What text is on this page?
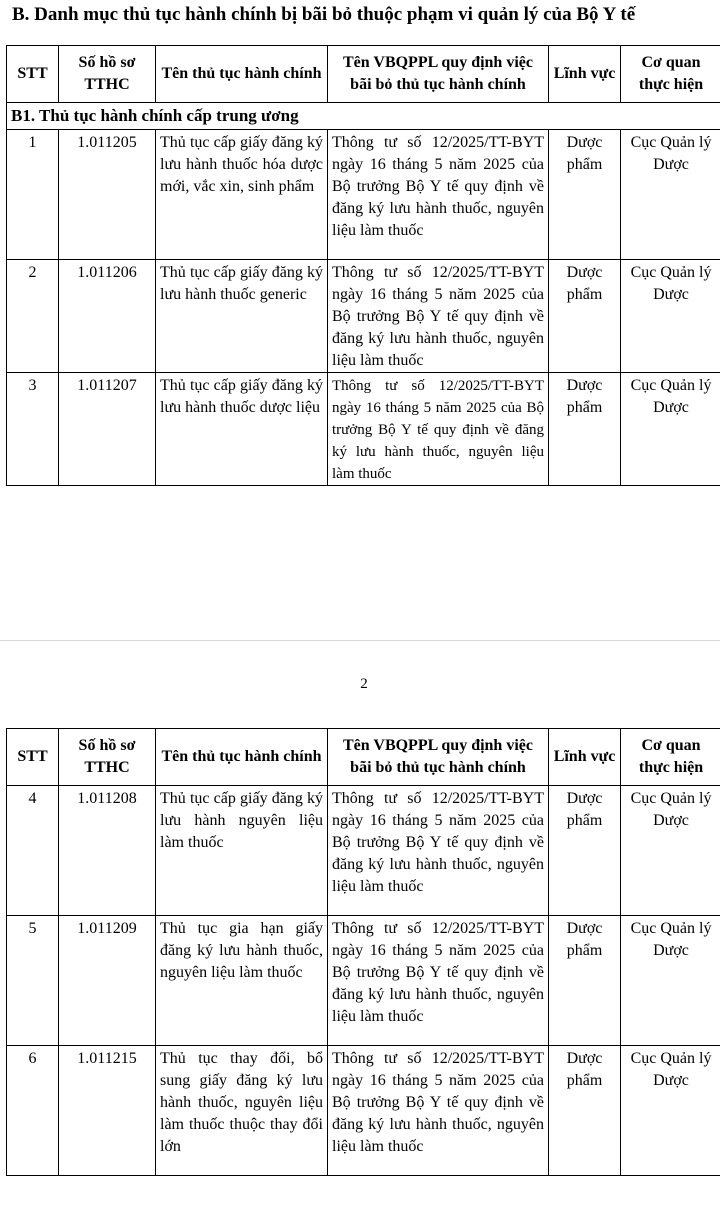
B. Danh mục thủ tục hành chính bị bãi bỏ thuộc phạm vi quản lý của Bộ Y tế
STT	Số hồ sơ TTHC	Tên thủ tục hành chính	Tên VBQPPL quy định việc bãi bỏ thủ tục hành chính	Lĩnh vực	Cơ quan thực hiện
B1. Thủ tục hành chính cấp trung ương					
1	1.011205	Thủ tục cấp giấy đăng ký lưu hành thuốc hóa dược mới, vắc xin, sinh phẩm	Thông tư số 12/2025/TT-BYT ngày 16 tháng 5 năm 2025 của Bộ trưởng Bộ Y tế quy định về đăng ký lưu hành thuốc, nguyên liệu làm thuốc	Dược phẩm	Cục Quản lý Dược
2	1.011206	Thủ tục cấp giấy đăng ký lưu hành thuốc generic	Thông tư số 12/2025/TT-BYT ngày 16 tháng 5 năm 2025 của Bộ trưởng Bộ Y tế quy định về đăng ký lưu hành thuốc, nguyên liệu làm thuốc	Dược phẩm	Cục Quản lý Dược
3	1.011207	Thủ tục cấp giấy đăng ký lưu hành thuốc dược liệu	Thông tư số 12/2025/TT-BYT ngày 16 tháng 5 năm 2025 của Bộ trưởng Bộ Y tế quy định về đăng ký lưu hành thuốc, nguyên liệu làm thuốc	Dược phẩm	Cục Quản lý Dược
2
STT	Số hồ sơ TTHC	Tên thủ tục hành chính	Tên VBQPPL quy định việc bãi bỏ thủ tục hành chính	Lĩnh vực	Cơ quan thực hiện
4	1.011208	Thủ tục cấp giấy đăng ký lưu hành nguyên liệu làm thuốc	Thông tư số 12/2025/TT-BYT ngày 16 tháng 5 năm 2025 của Bộ trưởng Bộ Y tế quy định về đăng ký lưu hành thuốc, nguyên liệu làm thuốc	Dược phẩm	Cục Quản lý Dược
5	1.011209	Thủ tục gia hạn giấy đăng ký lưu hành thuốc, nguyên liệu làm thuốc	Thông tư số 12/2025/TT-BYT ngày 16 tháng 5 năm 2025 của Bộ trưởng Bộ Y tế quy định về đăng ký lưu hành thuốc, nguyên liệu làm thuốc	Dược phẩm	Cục Quản lý Dược
6	1.011215	Thủ tục thay đổi, bổ sung giấy đăng ký lưu hành thuốc, nguyên liệu làm thuốc thuộc thay đổi lớn	Thông tư số 12/2025/TT-BYT ngày 16 tháng 5 năm 2025 của Bộ trưởng Bộ Y tế quy định về đăng ký lưu hành thuốc, nguyên liệu làm thuốc	Dược phẩm	Cục Quản lý Dược
